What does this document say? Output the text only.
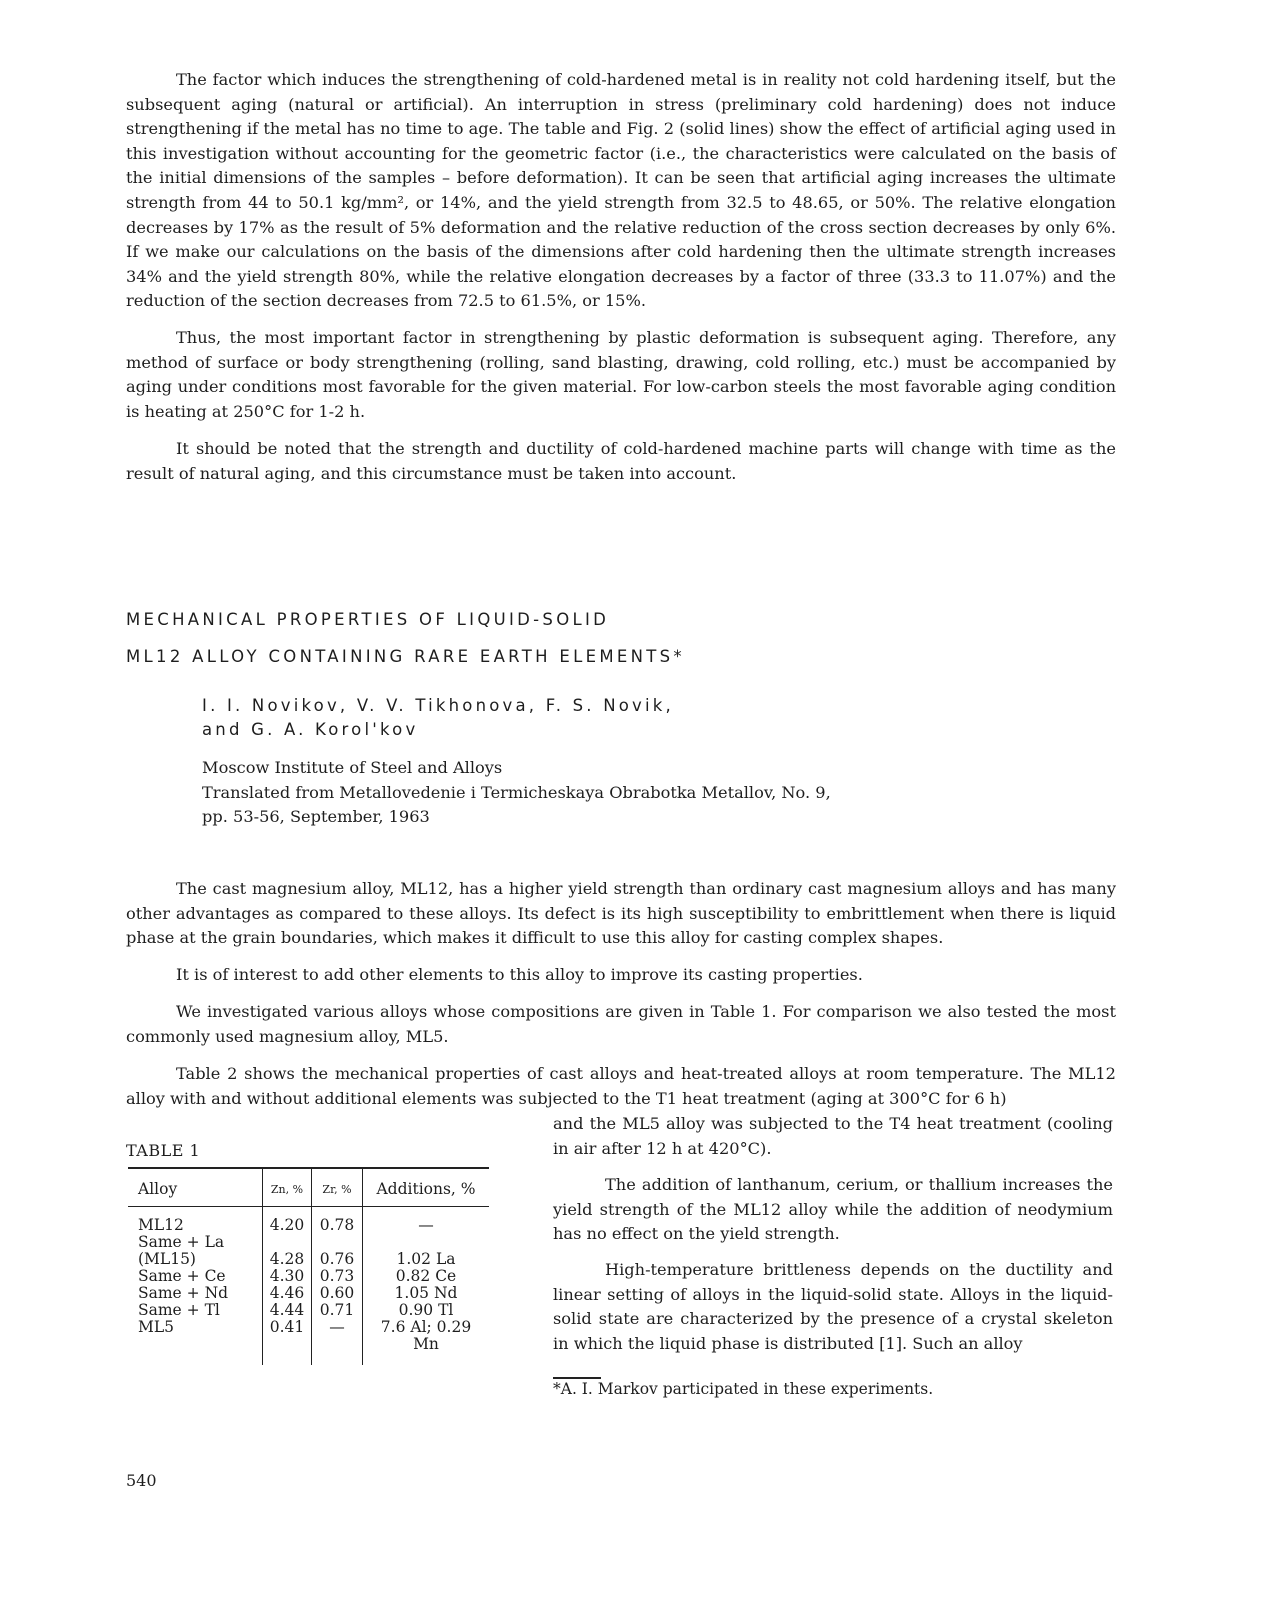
The factor which induces the strengthening of cold-hardened metal is in reality not cold hardening itself, but the subsequent aging (natural or artificial). An interruption in stress (preliminary cold hardening) does not induce strengthening if the metal has no time to age. The table and Fig. 2 (solid lines) show the effect of artificial aging used in this investigation without accounting for the geometric factor (i.e., the characteristics were calculated on the basis of the initial dimensions of the samples – before deformation). It can be seen that artificial aging increases the ultimate strength from 44 to 50.1 kg/mm², or 14%, and the yield strength from 32.5 to 48.65, or 50%. The relative elongation decreases by 17% as the result of 5% deformation and the relative reduction of the cross section decreases by only 6%. If we make our calculations on the basis of the dimensions after cold hardening then the ultimate strength increases 34% and the yield strength 80%, while the relative elongation decreases by a factor of three (33.3 to 11.07%) and the reduction of the section decreases from 72.5 to 61.5%, or 15%.

Thus, the most important factor in strengthening by plastic deformation is subsequent aging. Therefore, any method of surface or body strengthening (rolling, sand blasting, drawing, cold rolling, etc.) must be accompanied by aging under conditions most favorable for the given material. For low-carbon steels the most favorable aging condition is heating at 250°C for 1-2 h.

It should be noted that the strength and ductility of cold-hardened machine parts will change with time as the result of natural aging, and this circumstance must be taken into account.

MECHANICAL PROPERTIES OF LIQUID-SOLID
ML12 ALLOY CONTAINING RARE EARTH ELEMENTS*
I. I. Novikov, V. V. Tikhonova, F. S. Novik,
and G. A. Korol'kov
Moscow Institute of Steel and Alloys
Translated from Metallovedenie i Termicheskaya Obrabotka Metallov, No. 9,
pp. 53-56, September, 1963

The cast magnesium alloy, ML12, has a higher yield strength than ordinary cast magnesium alloys and has many other advantages as compared to these alloys. Its defect is its high susceptibility to embrittlement when there is liquid phase at the grain boundaries, which makes it difficult to use this alloy for casting complex shapes.

It is of interest to add other elements to this alloy to improve its casting properties.

We investigated various alloys whose compositions are given in Table 1. For comparison we also tested the most commonly used magnesium alloy, ML5.

Table 2 shows the mechanical properties of cast alloys and heat-treated alloys at room temperature. The ML12 alloy with and without additional elements was subjected to the T1 heat treatment (aging at 300°C for 6 h)

and the ML5 alloy was subjected to the T4 heat treatment (cooling in air after 12 h at 420°C).

The addition of lanthanum, cerium, or thallium increases the yield strength of the ML12 alloy while the addition of neodymium has no effect on the yield strength.

High-temperature brittleness depends on the ductility and linear setting of alloys in the liquid-solid state. Alloys in the liquid-solid state are characterized by the presence of a crystal skeleton in which the liquid phase is distributed [1]. Such an alloy

TABLE 1
Alloy	Zn, %	Zr, %	Additions, %
ML12	4.20	0.78	—
Same + La (ML15)	4.28	0.76	1.02 La
Same + Ce	4.30	0.73	0.82 Ce
Same + Nd	4.46	0.60	1.05 Nd
Same + Tl	4.44	0.71	0.90 Tl
ML5	0.41	—	7.6 Al; 0.29 Mn
*A. I. Markov participated in these experiments.
540
